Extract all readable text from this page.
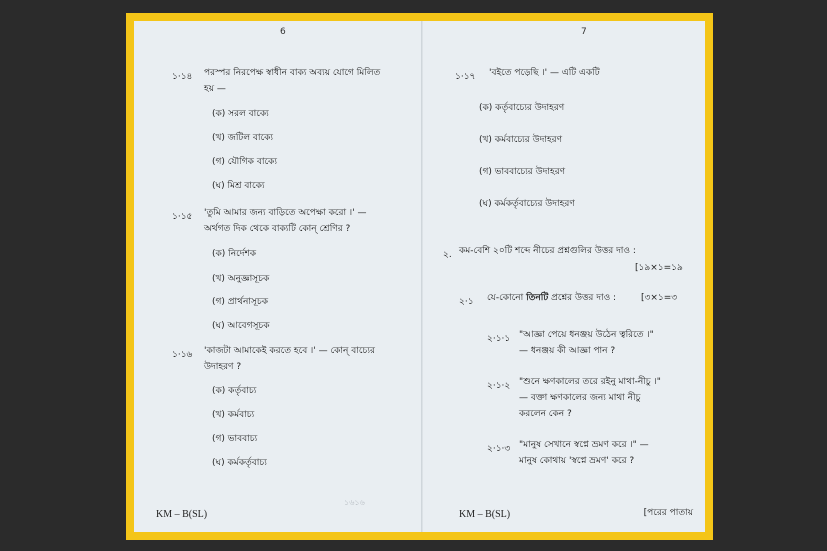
6
১·১৪ পরস্পর নিরপেক্ষ স্বাধীন বাক্য অব্যয় যোগে মিলিত
হয় —
(ক) সরল বাক্যে
(খ) জটিল বাক্যে
(গ) যৌগিক বাক্যে
(ঘ) মিশ্র বাক্যে
১·১৫ 'তুমি আমার জন্য বাড়িতে অপেক্ষা করো ।' —
অর্থগত দিক থেকে বাক্যটি কোন্ শ্রেণির ?
(ক) নির্দেশক
(খ) অনুজ্ঞাসূচক
(গ) প্রার্থনাসূচক
(ঘ) আবেগসূচক
১·১৬ 'কাজটা আমাকেই করতে হবে ।' — কোন্ বাচ্যের
উদাহরণ ?
(ক) কর্তৃবাচ্য
(খ) কর্মবাচ্য
(গ) ভাববাচ্য
(ঘ) কর্মকর্তৃবাচ্য
১৬১৬
KM – B(SL)
7
১·১৭ 'বইতে পড়েছি ।' — এটি একটি
(ক) কর্তৃবাচ্যের উদাহরণ
(খ) কর্মবাচ্যের উদাহরণ
(গ) ভাববাচ্যের উদাহরণ
(ঘ) কর্মকর্তৃবাচ্যের উদাহরণ
২. কম-বেশি ২০টি শব্দে নীচের প্রশ্নগুলির উত্তর দাও :
[১৯×১=১৯
২·১ যে-কোনো তিনটি প্রশ্নের উত্তর দাও :	[৩×১=৩
২·১·১ "আজ্ঞা পেয়ে ধনঞ্জয় উঠেন ত্বরিতে ।"
— ধনঞ্জয় কী আজ্ঞা পান ?
২·১·২ "শুনে ক্ষণকালের তরে রইনু মাথা-নীচু ।"
— বক্তা ক্ষণকালের জন্য মাথা নীচু
করলেন কেন ?
২·১·৩ "মানুষ সেখানে স্বপ্নে ভ্রমণ করে ।" —
মানুষ কোথায় 'স্বপ্নে ভ্রমণ' করে ?
KM – B(SL)	[পরের পাতায়
